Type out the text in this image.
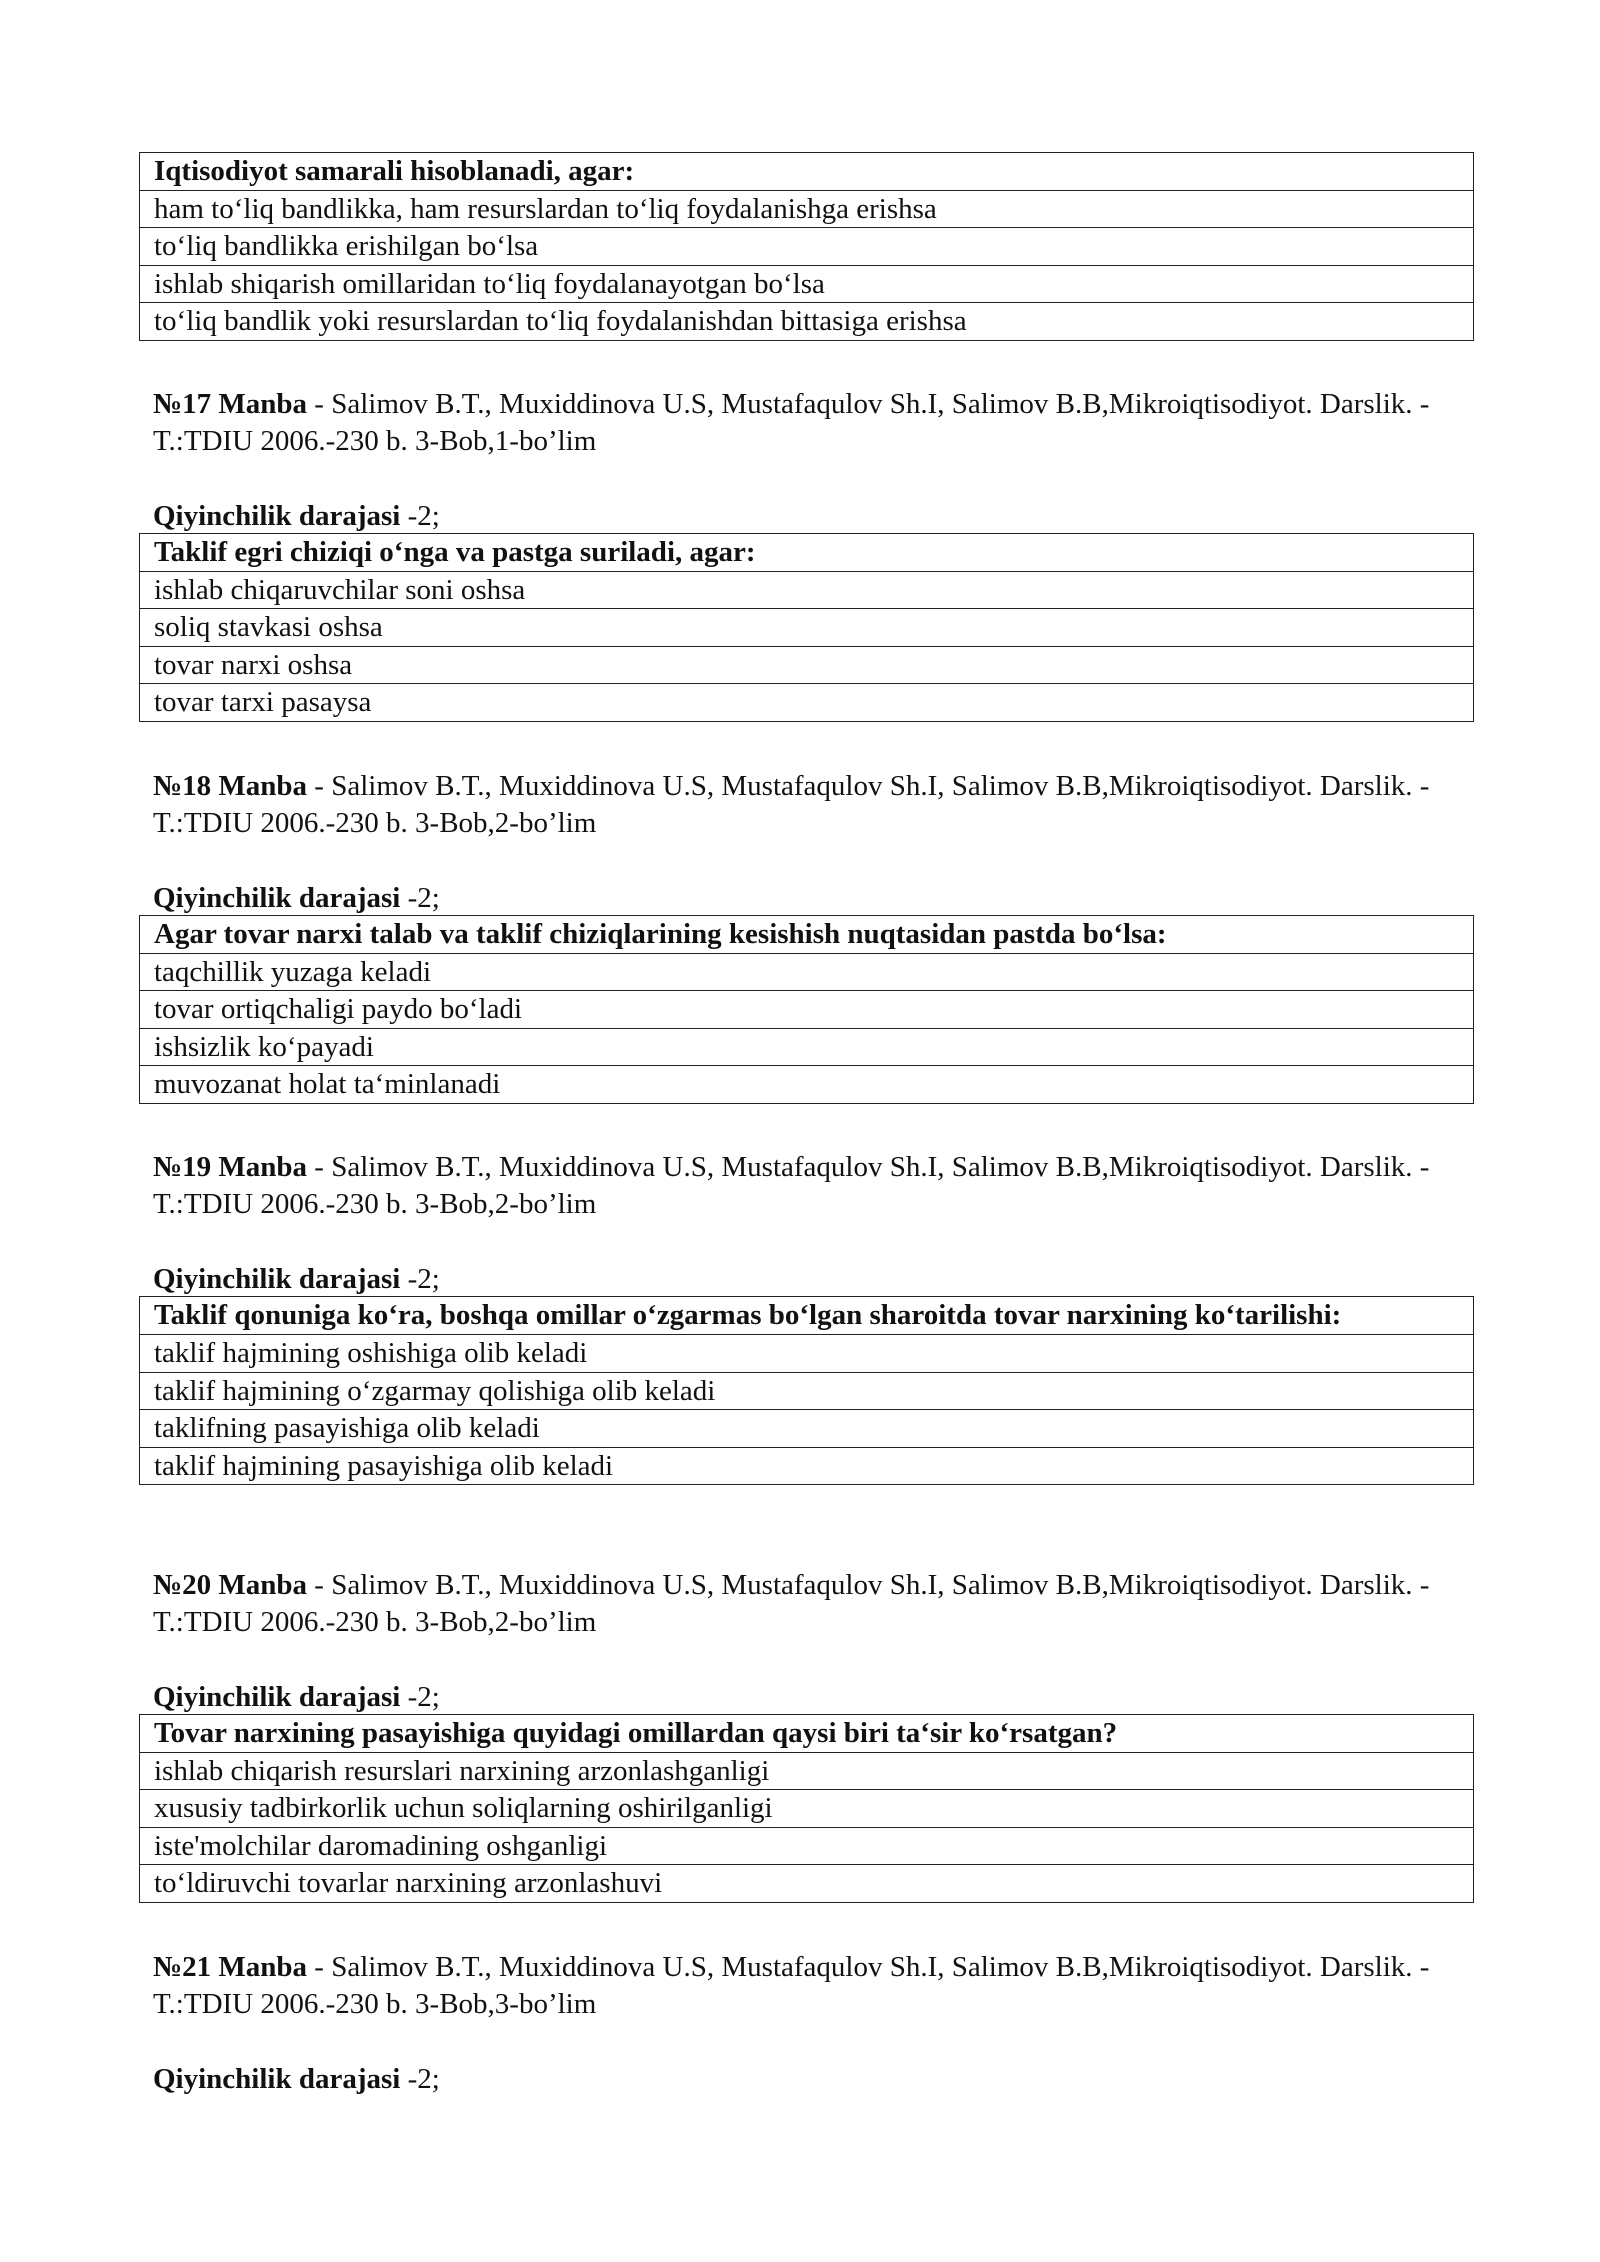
Iqtisodiyot samarali hisoblanadi, agar:
ham to‘liq bandlikka, ham resurslardan to‘liq foydalanishga erishsa
to‘liq bandlikka erishilgan bo‘lsa
ishlab shiqarish omillaridan to‘liq foydalanayotgan bo‘lsa
to‘liq bandlik yoki resurslardan to‘liq foydalanishdan bittasiga erishsa
№17 Manba - Salimov B.T., Muxiddinova U.S, Mustafaqulov Sh.I, Salimov B.B,Mikroiqtisodiyot. Darslik. -T.:TDIU 2006.-230 b. 3-Bob,1-bo’lim
Qiyinchilik darajasi -2;
Taklif egri chiziqi o‘nga va pastga suriladi, agar:
ishlab chiqaruvchilar soni oshsa
soliq stavkasi oshsa
tovar narxi oshsa
tovar tarxi pasaysa
№18 Manba - Salimov B.T., Muxiddinova U.S, Mustafaqulov Sh.I, Salimov B.B,Mikroiqtisodiyot. Darslik. -T.:TDIU 2006.-230 b. 3-Bob,2-bo’lim
Qiyinchilik darajasi -2;
Agar tovar narxi talab va taklif chiziqlarining kesishish nuqtasidan pastda bo‘lsa:
taqchillik yuzaga keladi
tovar ortiqchaligi paydo bo‘ladi
ishsizlik ko‘payadi
muvozanat holat ta‘minlanadi
№19 Manba - Salimov B.T., Muxiddinova U.S, Mustafaqulov Sh.I, Salimov B.B,Mikroiqtisodiyot. Darslik. -T.:TDIU 2006.-230 b. 3-Bob,2-bo’lim
Qiyinchilik darajasi -2;
Taklif qonuniga ko‘ra, boshqa omillar o‘zgarmas bo‘lgan sharoitda tovar narxining ko‘tarilishi:
taklif hajmining oshishiga olib keladi
taklif hajmining o‘zgarmay qolishiga olib keladi
taklifning pasayishiga olib keladi
taklif hajmining pasayishiga olib keladi
№20 Manba - Salimov B.T., Muxiddinova U.S, Mustafaqulov Sh.I, Salimov B.B,Mikroiqtisodiyot. Darslik. -T.:TDIU 2006.-230 b. 3-Bob,2-bo’lim
Qiyinchilik darajasi -2;
Tovar narxining pasayishiga quyidagi omillardan qaysi biri ta‘sir ko‘rsatgan?
ishlab chiqarish resurslari narxining arzonlashganligi
xususiy tadbirkorlik uchun soliqlarning oshirilganligi
iste'molchilar daromadining oshganligi
to‘ldiruvchi tovarlar narxining arzonlashuvi
№21 Manba - Salimov B.T., Muxiddinova U.S, Mustafaqulov Sh.I, Salimov B.B,Mikroiqtisodiyot. Darslik. -T.:TDIU 2006.-230 b. 3-Bob,3-bo’lim
Qiyinchilik darajasi -2;
